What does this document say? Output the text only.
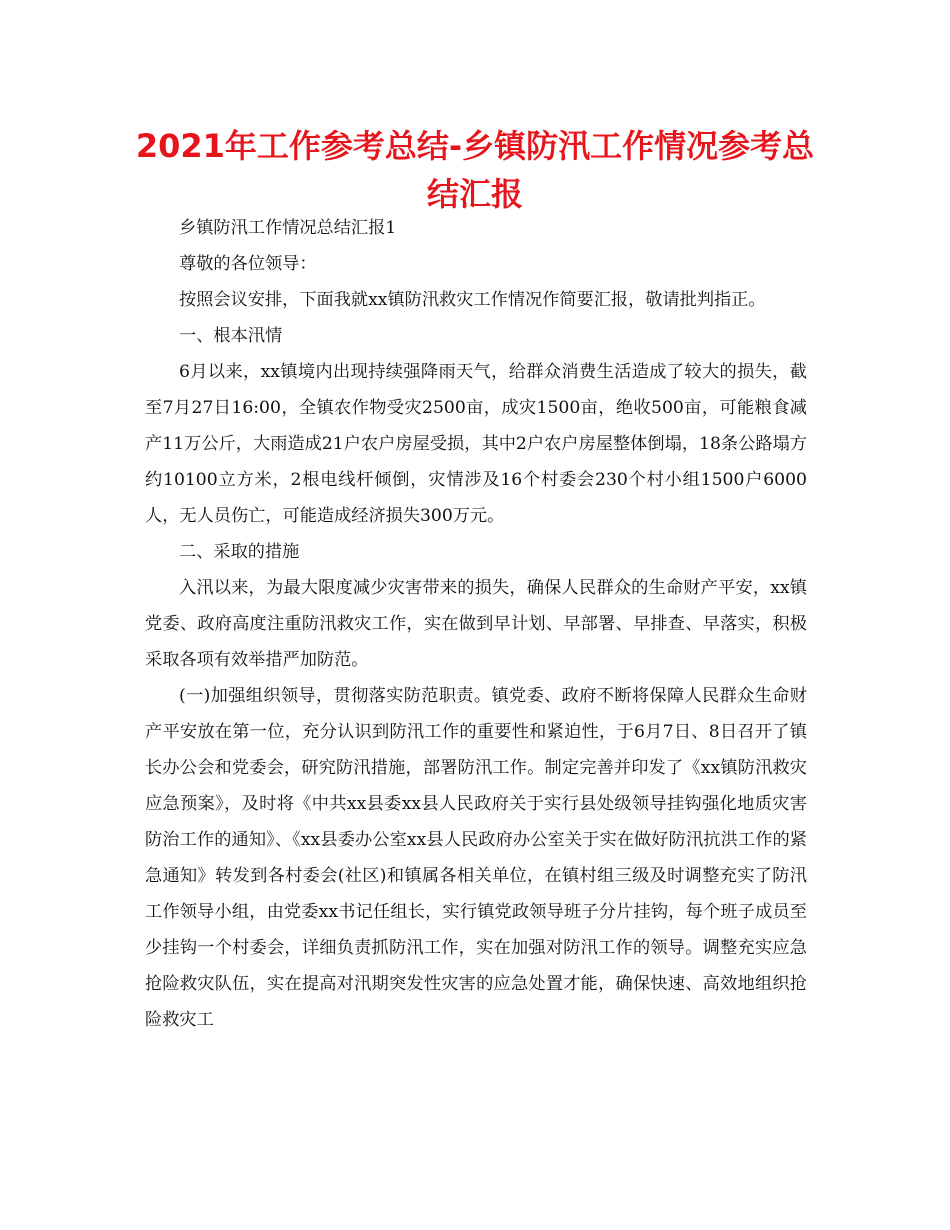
2021年工作参考总结-乡镇防汛工作情况参考总结汇报

乡镇防汛工作情况总结汇报1

尊敬的各位领导：

按照会议安排，下面我就xx镇防汛救灾工作情况作简要汇报，敬请批判指正。

一、根本汛情

6月以来，xx镇境内出现持续强降雨天气，给群众消费生活造成了较大的损失，截至7月27日16:00，全镇农作物受灾2500亩，成灾1500亩，绝收500亩，可能粮食减产11万公斤，大雨造成21户农户房屋受损，其中2户农户房屋整体倒塌，18条公路塌方约10100立方米，2根电线杆倾倒，灾情涉及16个村委会230个村小组1500户6000人，无人员伤亡，可能造成经济损失300万元。

二、采取的措施

入汛以来，为最大限度减少灾害带来的损失，确保人民群众的生命财产平安，xx镇党委、政府高度注重防汛救灾工作，实在做到早计划、早部署、早排查、早落实，积极采取各项有效举措严加防范。

(一)加强组织领导，贯彻落实防范职责。镇党委、政府不断将保障人民群众生命财产平安放在第一位，充分认识到防汛工作的重要性和紧迫性，于6月7日、8日召开了镇长办公会和党委会，研究防汛措施，部署防汛工作。制定完善并印发了《xx镇防汛救灾应急预案》，及时将《中共xx县委xx县人民政府关于实行县处级领导挂钩强化地质灾害防治工作的通知》、《xx县委办公室xx县人民政府办公室关于实在做好防汛抗洪工作的紧急通知》转发到各村委会(社区)和镇属各相关单位，在镇村组三级及时调整充实了防汛工作领导小组，由党委xx书记任组长，实行镇党政领导班子分片挂钩，每个班子成员至少挂钩一个村委会，详细负责抓防汛工作，实在加强对防汛工作的领导。调整充实应急抢险救灾队伍，实在提高对汛期突发性灾害的应急处置才能，确保快速、高效地组织抢险救灾工
